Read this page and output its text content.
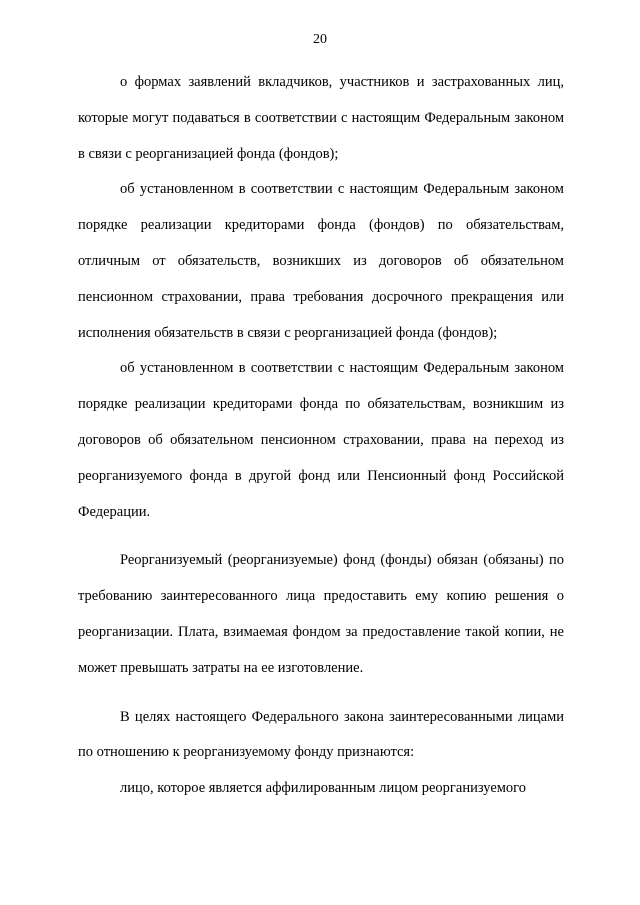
20

о формах заявлений вкладчиков, участников и застрахованных лиц, которые могут подаваться в соответствии с настоящим Федеральным законом в связи с реорганизацией фонда (фондов);

об установленном в соответствии с настоящим Федеральным законом порядке реализации кредиторами фонда (фондов) по обязательствам, отличным от обязательств, возникших из договоров об обязательном пенсионном страховании, права требования досрочного прекращения или исполнения обязательств в связи с реорганизацией фонда (фондов);

об установленном в соответствии с настоящим Федеральным законом порядке реализации кредиторами фонда по обязательствам, возникшим из договоров об обязательном пенсионном страховании, права на переход из реорганизуемого фонда в другой фонд или Пенсионный фонд Российской Федерации.

Реорганизуемый (реорганизуемые) фонд (фонды) обязан (обязаны) по требованию заинтересованного лица предоставить ему копию решения о реорганизации. Плата, взимаемая фондом за предоставление такой копии, не может превышать затраты на ее изготовление.

В целях настоящего Федерального закона заинтересованными лицами по отношению к реорганизуемому фонду признаются:

лицо, которое является аффилированным лицом реорганизуемого
